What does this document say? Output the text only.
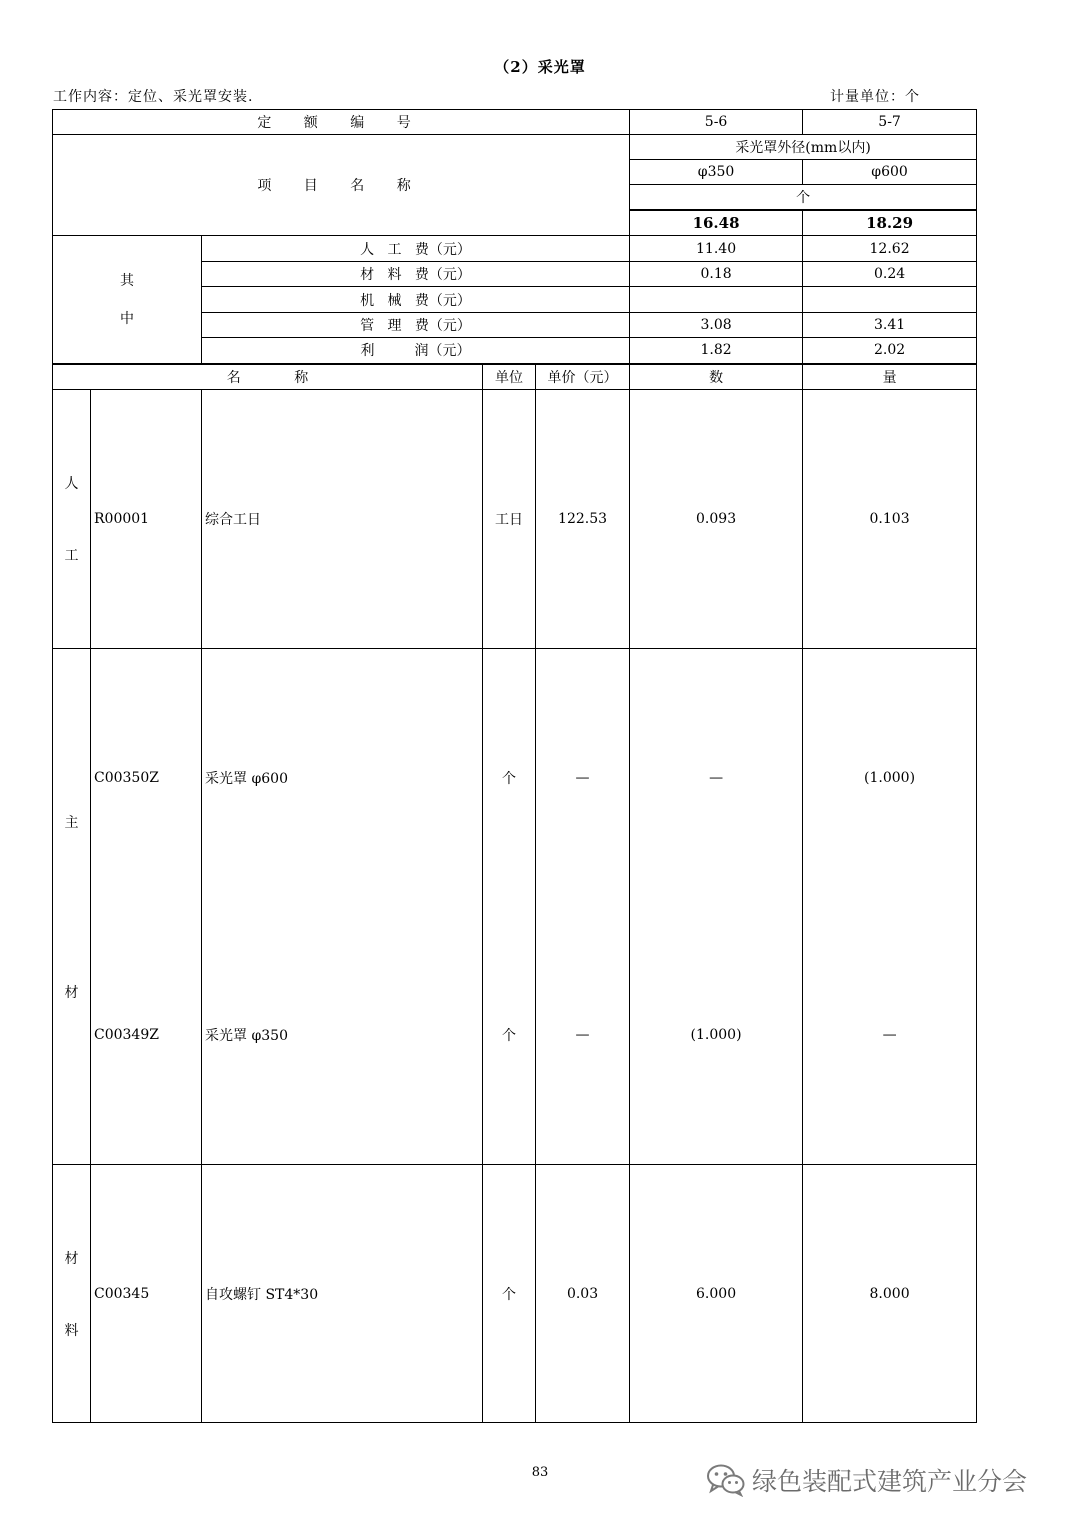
（2）采光罩
工作内容：定位、采光罩安装.	计量单位：个
定 额 编 号					5-6	5-7
项 目 名 称					采光罩外径(mm以内)	
					φ350	φ600
					个	
					16.48	18.29

其
中		人   工   费（元）			11.40	12.62
		材   料   费（元）			0.18	0.24
		机   械   费（元）				
		管   理   费（元）			3.08	3.41
		利         润（元）			1.82	2.02
名            称			单位	单价（元）	数	量

人
工	R00001	综合工日	工日	122.53	0.093	0.103

主
材	C00350Z	采光罩 φ600	个	—	—	(1.000)
	C00349Z	采光罩 φ350	个	—	(1.000)	—

材
料	C00345	自攻螺钉 ST4*30	个	0.03	6.000	8.000
83	绿色装配式建筑产业分会
